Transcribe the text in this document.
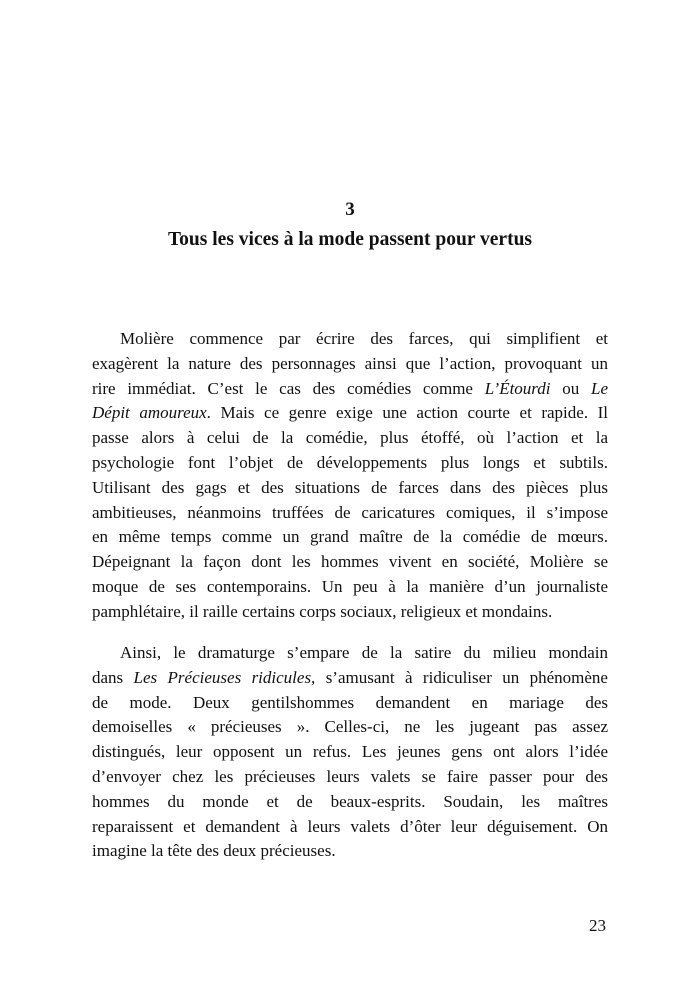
3
Tous les vices à la mode passent pour vertus
Molière commence par écrire des farces, qui simplifient et
exagèrent la nature des personnages ainsi que l’action, provoquant un
rire immédiat. C’est le cas des comédies comme L’Étourdi ou Le
Dépit amoureux. Mais ce genre exige une action courte et rapide. Il
passe alors à celui de la comédie, plus étoffé, où l’action et la
psychologie font l’objet de développements plus longs et subtils.
Utilisant des gags et des situations de farces dans des pièces plus
ambitieuses, néanmoins truffées de caricatures comiques, il s’impose
en même temps comme un grand maître de la comédie de mœurs.
Dépeignant la façon dont les hommes vivent en société, Molière se
moque de ses contemporains. Un peu à la manière d’un journaliste
pamphlétaire, il raille certains corps sociaux, religieux et mondains.
Ainsi, le dramaturge s’empare de la satire du milieu mondain
dans Les Précieuses ridicules, s’amusant à ridiculiser un phénomène
de mode. Deux gentilshommes demandent en mariage des
demoiselles « précieuses ». Celles-ci, ne les jugeant pas assez
distingués, leur opposent un refus. Les jeunes gens ont alors l’idée
d’envoyer chez les précieuses leurs valets se faire passer pour des
hommes du monde et de beaux-esprits. Soudain, les maîtres
reparaissent et demandent à leurs valets d’ôter leur déguisement. On
imagine la tête des deux précieuses.
23
